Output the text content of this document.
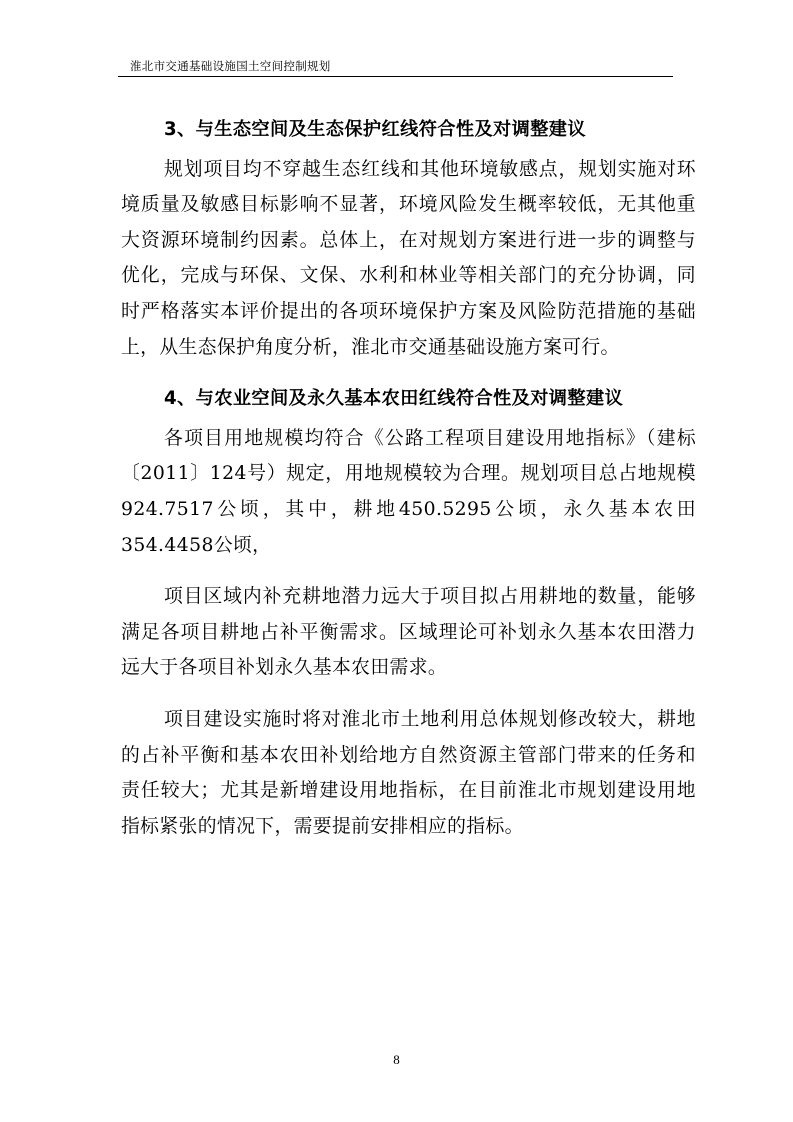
淮北市交通基础设施国土空间控制规划
3、与生态空间及生态保护红线符合性及对调整建议

规划项目均不穿越生态红线和其他环境敏感点，规划实施对环境质量及敏感目标影响不显著，环境风险发生概率较低，无其他重大资源环境制约因素。总体上，在对规划方案进行进一步的调整与优化，完成与环保、文保、水利和林业等相关部门的充分协调，同时严格落实本评价提出的各项环境保护方案及风险防范措施的基础上，从生态保护角度分析，淮北市交通基础设施方案可行。

4、与农业空间及永久基本农田红线符合性及对调整建议

各项目用地规模均符合《公路工程项目建设用地指标》（建标〔2011〕124号）规定，用地规模较为合理。规划项目总占地规模924.7517公顷，其中，耕地450.5295公顷，永久基本农田354.4458公顷，

项目区域内补充耕地潜力远大于项目拟占用耕地的数量，能够满足各项目耕地占补平衡需求。区域理论可补划永久基本农田潜力远大于各项目补划永久基本农田需求。

项目建设实施时将对淮北市土地利用总体规划修改较大，耕地的占补平衡和基本农田补划给地方自然资源主管部门带来的任务和责任较大；尤其是新增建设用地指标，在目前淮北市规划建设用地指标紧张的情况下，需要提前安排相应的指标。

8
